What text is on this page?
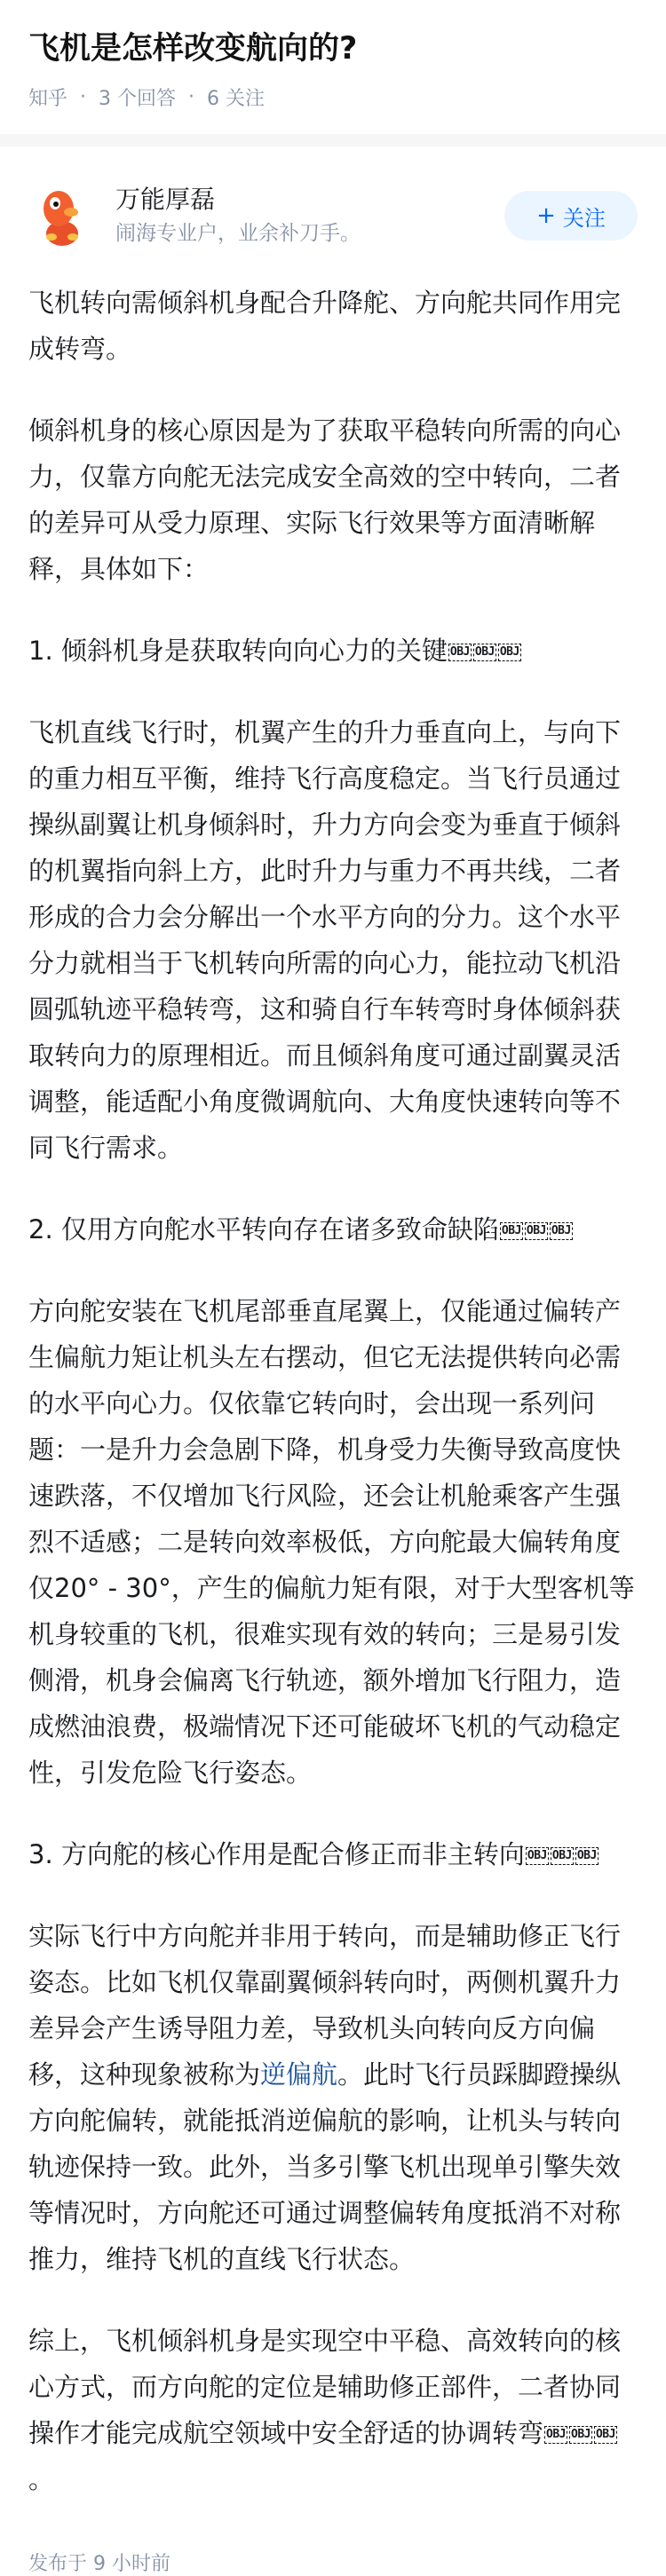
飞机是怎样改变航向的?
知乎 · 3 个回答 · 6 关注
万能厚磊
闹海专业户，业余补刀手。
+ 关注

飞机转向需倾斜机身配合升降舵、方向舵共同作用完成转弯。

倾斜机身的核心原因是为了获取平稳转向所需的向心力，仅靠方向舵无法完成安全高效的空中转向，二者的差异可从受力原理、实际飞行效果等方面清晰解释，具体如下：

1. 倾斜机身是获取转向向心力的关键 OBJ OBJ OBJ

飞机直线飞行时，机翼产生的升力垂直向上，与向下的重力相互平衡，维持飞行高度稳定。当飞行员通过操纵副翼让机身倾斜时，升力方向会变为垂直于倾斜的机翼指向斜上方，此时升力与重力不再共线，二者形成的合力会分解出一个水平方向的分力。这个水平分力就相当于飞机转向所需的向心力，能拉动飞机沿圆弧轨迹平稳转弯，这和骑自行车转弯时身体倾斜获取转向力的原理相近。而且倾斜角度可通过副翼灵活调整，能适配小角度微调航向、大角度快速转向等不同飞行需求。

2. 仅用方向舵水平转向存在诸多致命缺陷 OBJ OBJ OBJ

方向舵安装在飞机尾部垂直尾翼上，仅能通过偏转产生偏航力矩让机头左右摆动，但它无法提供转向必需的水平向心力。仅依靠它转向时，会出现一系列问题：一是升力会急剧下降，机身受力失衡导致高度快速跌落，不仅增加飞行风险，还会让机舱乘客产生强烈不适感；二是转向效率极低，方向舵最大偏转角度仅20° - 30°，产生的偏航力矩有限，对于大型客机等机身较重的飞机，很难实现有效的转向；三是易引发侧滑，机身会偏离飞行轨迹，额外增加飞行阻力，造成燃油浪费，极端情况下还可能破坏飞机的气动稳定性，引发危险飞行姿态。

3. 方向舵的核心作用是配合修正而非主转向 OBJ OBJ OBJ

实际飞行中方向舵并非用于转向，而是辅助修正飞行姿态。比如飞机仅靠副翼倾斜转向时，两侧机翼升力差异会产生诱导阻力差，导致机头向转向反方向偏移，这种现象被称为逆偏航。此时飞行员踩脚蹬操纵方向舵偏转，就能抵消逆偏航的影响，让机头与转向轨迹保持一致。此外，当多引擎飞机出现单引擎失效等情况时，方向舵还可通过调整偏转角度抵消不对称推力，维持飞机的直线飞行状态。

综上，飞机倾斜机身是实现空中平稳、高效转向的核心方式，而方向舵的定位是辅助修正部件，二者协同操作才能完成航空领域中安全舒适的协调转弯 OBJ OBJ OBJ。

发布于 9 小时前
